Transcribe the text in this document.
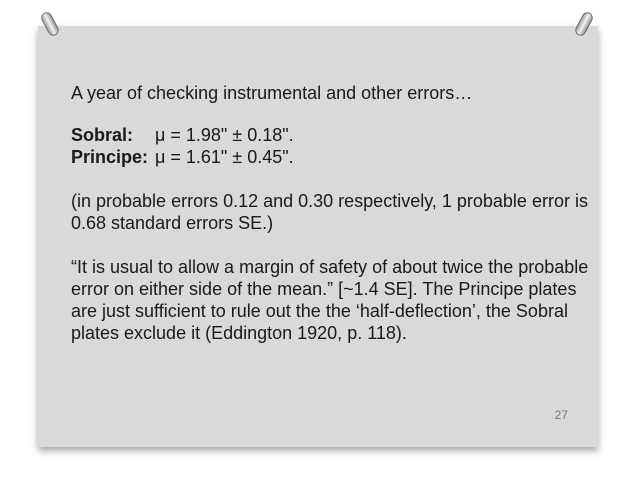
A year of checking instrumental and other errors…

Sobral:	μ = 1.98" ± 0.18".
Principe:	μ = 1.61" ± 0.45".

(in probable errors 0.12 and 0.30 respectively, 1 probable error is 0.68 standard errors SE.)

“It is usual to allow a margin of safety of about twice the probable error on either side of the mean.” [~1.4 SE]. The Principe plates are just sufficient to rule out the the ‘half-deflection’, the Sobral plates exclude it (Eddington 1920, p. 118).

27
